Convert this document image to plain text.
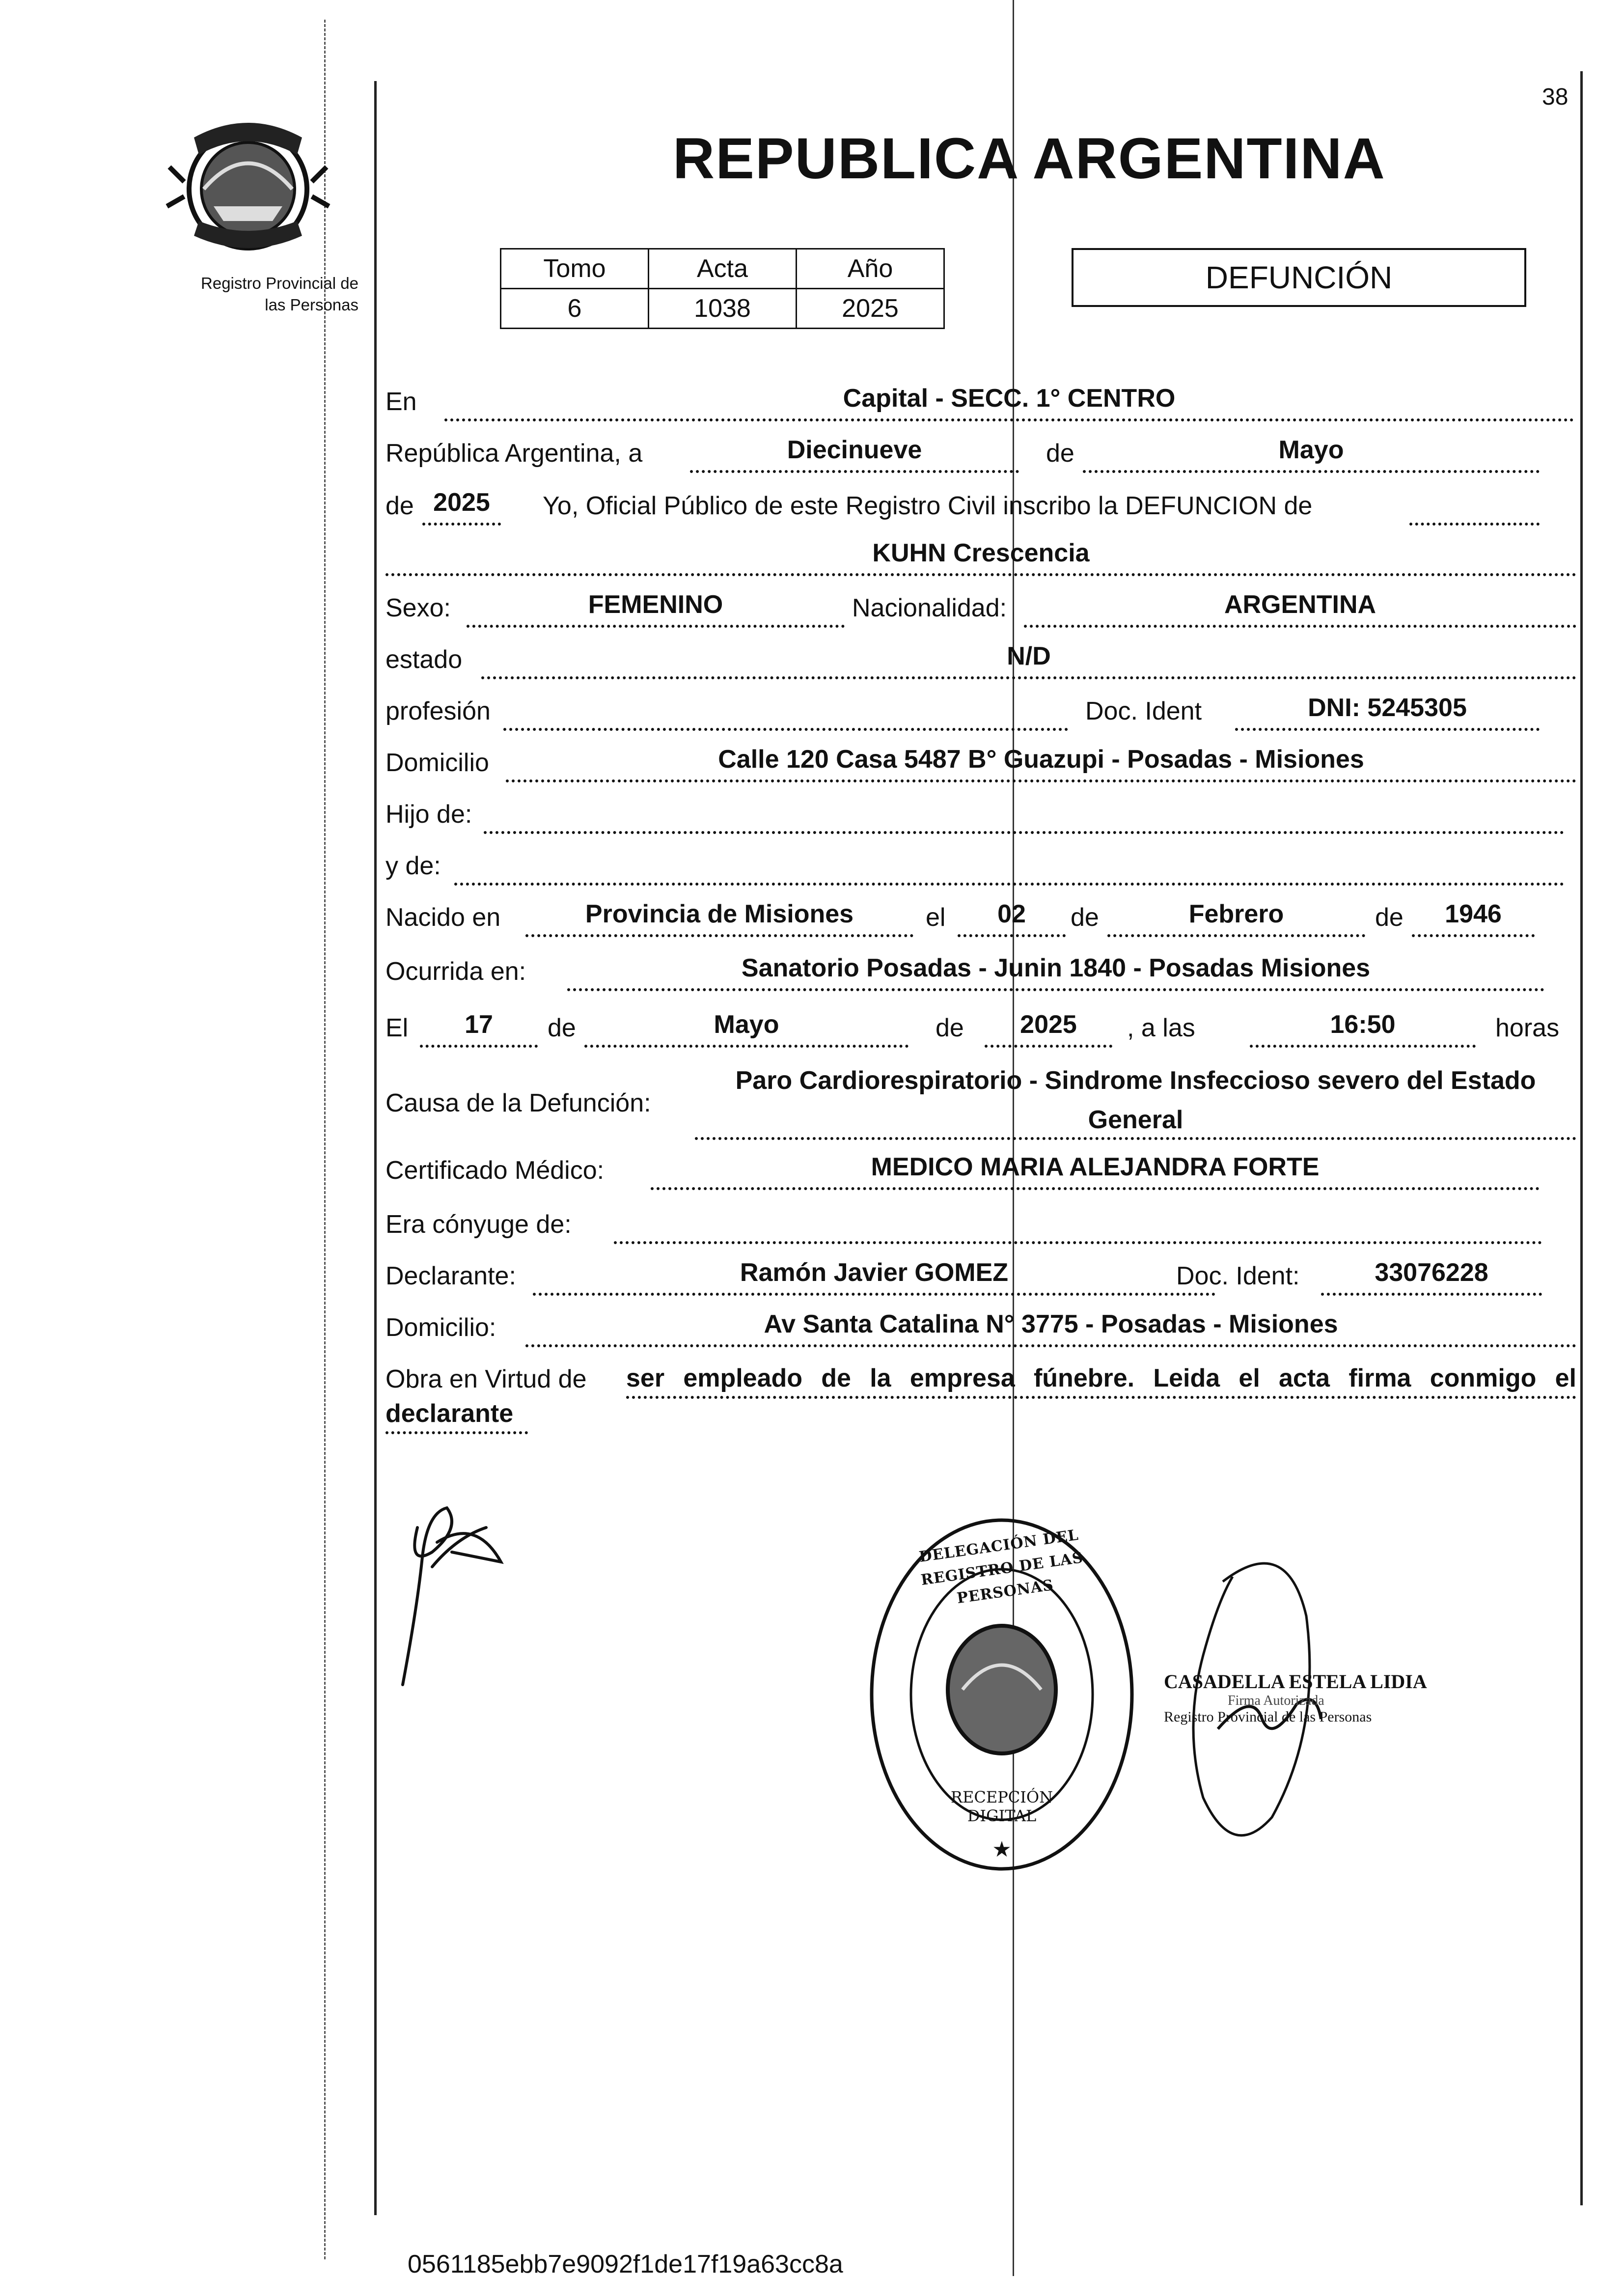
38
Registro Provincial de
las Personas
REPUBLICA ARGENTINA
Tomo	Acta	Año
6	1038	2025
DEFUNCIÓN
En	Capital - SECC. 1° CENTRO
República Argentina, a	Diecinueve	de	Mayo
de 2025	Yo, Oficial Público de este Registro Civil inscribo la DEFUNCION de
KUHN Crescencia
Sexo:	FEMENINO	Nacionalidad:	ARGENTINA
estado	N/D
profesión	Doc. Ident	DNI: 5245305
Domicilio	Calle 120 Casa 5487 B° Guazupi - Posadas - Misiones
Hijo de:
y de:
Nacido en	Provincia de Misiones	el	02	de	Febrero	de	1946
Ocurrida en:	Sanatorio Posadas - Junin 1840 - Posadas Misiones
El	17	de	Mayo	de	2025	, a las	16:50	horas
Causa de la Defunción:
Paro Cardiorespiratorio - Sindrome Insfeccioso severo del Estado General
Certificado Médico:	MEDICO MARIA ALEJANDRA FORTE
Era cónyuge de:
Declarante:	Ramón Javier GOMEZ	Doc. Ident:	33076228
Domicilio:	Av Santa Catalina N° 3775 - Posadas - Misiones
Obra en Virtud de	ser empleado de la empresa fúnebre. Leida el acta firma conmigo el declarante
★
DELEGACIÓN DEL REGISTRO DE LAS PERSONAS
RECEPCIÓN DIGITAL
CASADELLA ESTELA LIDIA
Firma Autorizada
Registro Provincial de las Personas
0561185ebb7e9092f1de17f19a63cc8a
